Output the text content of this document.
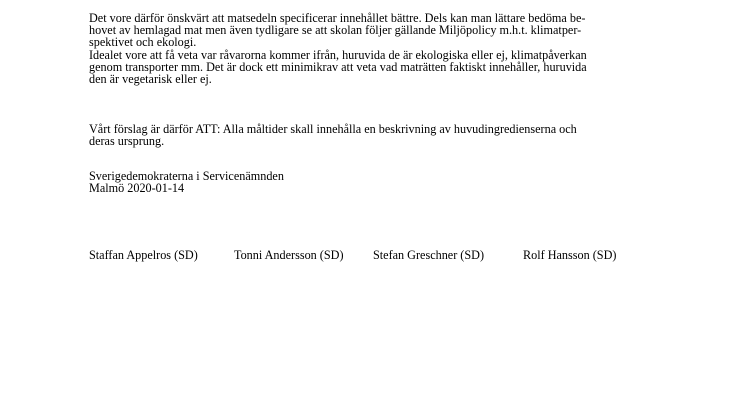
Det vore därför önskvärt att matsedeln specificerar innehållet bättre. Dels kan man lättare bedöma be-
hovet av hemlagad mat men även tydligare se att skolan följer gällande Miljöpolicy m.h.t. klimatper-
spektivet och ekologi.
Idealet vore att få veta var råvarorna kommer ifrån, huruvida de är ekologiska eller ej, klimatpåverkan
genom transporter mm. Det är dock ett minimikrav att veta vad maträtten faktiskt innehåller, huruvida
den är vegetarisk eller ej.
Vårt förslag är därför ATT: Alla måltider skall innehålla en beskrivning av huvudingredienserna och
deras ursprung.
Sverigedemokraterna i Servicenämnden
Malmö 2020-01-14
Staffan Appelros (SD)	Tonni Andersson (SD) Stefan Greschner (SD)	Rolf Hansson (SD)
